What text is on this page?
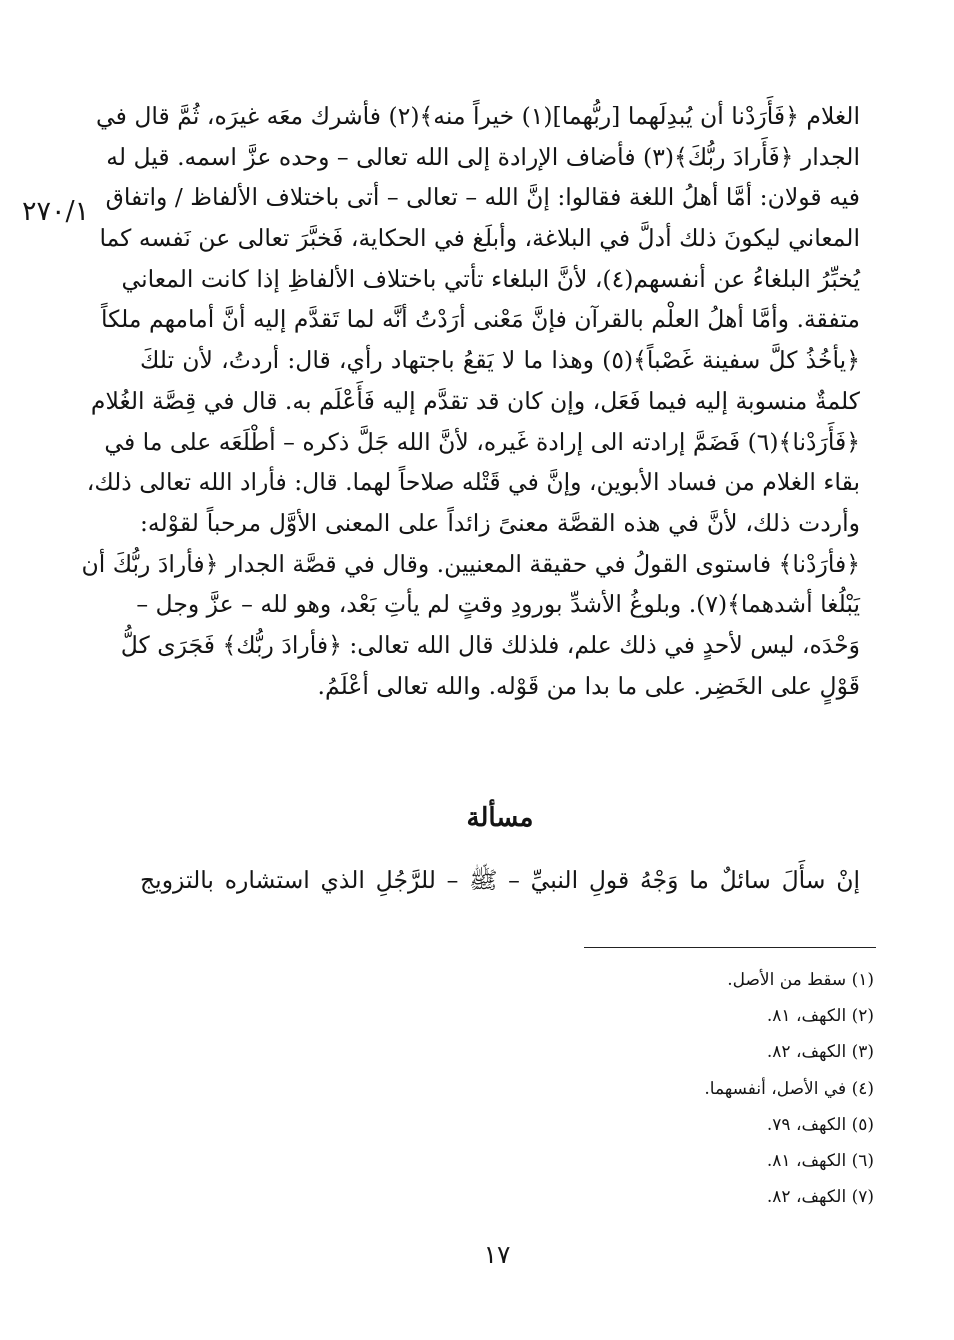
٢٧٠/١
الغلام ﴿فَأَرَدْنا أن يُبدِلَهما [ربُّهما](١) خيراً منه﴾(٢) فأشرك معَه غيرَه، ثُمَّ قال في
الجدار ﴿فَأَرادَ ربُّكَ﴾(٣) فأضاف الإرادة إلى الله تعالى – وحده عزَّ اسمه. قيل له
فيه قولان: أمَّا أهلُ اللغة فقالوا: إنَّ الله – تعالى – أتى باختلاف الألفاظ / واتفاق
المعاني ليكونَ ذلك أدلَّ في البلاغة، وأبلَغ في الحكاية، فَخبَّرَ تعالى عن نَفسه كما
يُخبِّرُ البلغاءُ عن أنفسهم(٤)، لأنَّ البلغاء تأتي باختلاف الألفاظِ إذا كانت المعاني
متفقة. وأمَّا أهلُ العلْم بالقرآن فإنَّ مَعْنى أرَدْتُ أنَّه لما تَقدَّم إليه أنَّ أمامهم ملكاً
﴿يأخُذُ كلَّ سفينة غَصْباً﴾(٥) وهذا ما لا يَقعُ باجتهاد رأي، قال: أردتُ، لأن تلكَ
كلمةٌ منسوبة إليه فيما فَعَل، وإن كان قد تقدَّم إليه فَأَعْلَم به. قال في قِصَّة الغُلام
﴿فَأَرَدْنا﴾(٦) فَضَمَّ إرادته الى إرادة غَيره، لأنَّ الله جَلَّ ذكره – أطْلَعَه على ما في
بقاء الغلام من فساد الأبوين، وإنَّ في قَتْله صلاحاً لهما. قال: فأراد الله تعالى ذلك،
وأردت ذلك، لأنَّ في هذه القصَّة معنىً زائداً على المعنى الأوَّل مرحباً لقوْله:
﴿فأرَدْنا﴾ فاستوى القولُ في حقيقة المعنيين. وقال في قصَّة الجدار ﴿فأرادَ ربُّكَ أن
يَبْلُغا أشدهما﴾(٧). وبلوغُ الأشدِّ بورودِ وقتٍ لم يأتِ بَعْد، وهو لله – عزَّ وجل –
وَحْدَه، ليس لأحدٍ في ذلك علم، فلذلك قال الله تعالى: ﴿فأرادَ ربُّك﴾ فَجَرَى كلُّ
قَوْلٍ على الخَضِر. على ما بدا من قَوْله. والله تعالى أعْلَمُ.
مسألة
إنْ سأَلَ سائلٌ ما وَجْهُ قولِ النبيِّ – ﷺ – للرَّجُلِ الذي استشاره بالتزويج
(١) سقط من الأصل.
(٢) الكهف، ٨١.
(٣) الكهف، ٨٢.
(٤) في الأصل، أنفسهما.
(٥) الكهف، ٧٩.
(٦) الكهف، ٨١.
(٧) الكهف، ٨٢.
١٧
